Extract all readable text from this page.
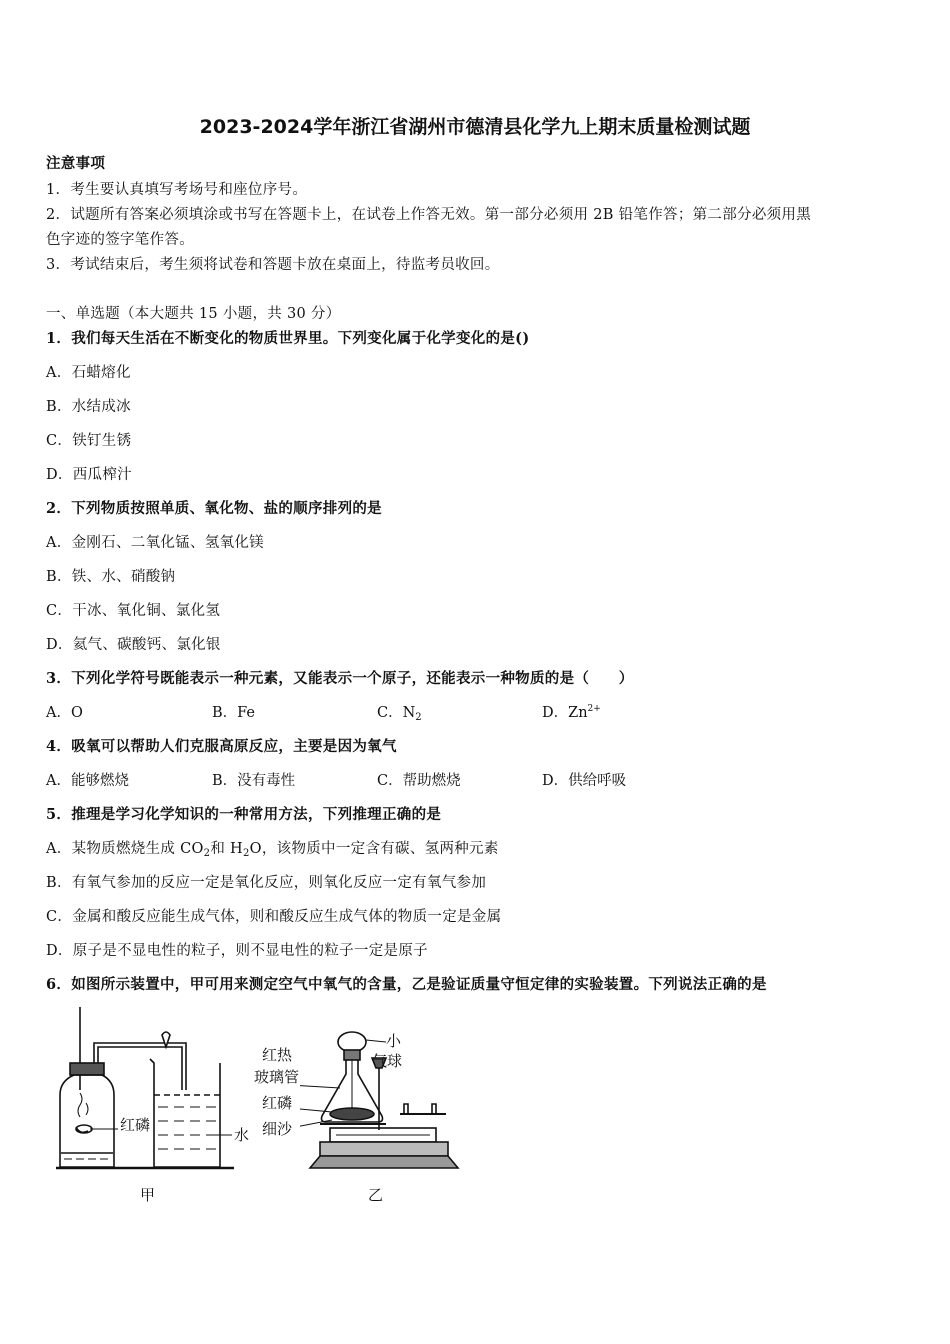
2023-2024学年浙江省湖州市德清县化学九上期末质量检测试题
注意事项
1．考生要认真填写考场号和座位序号。
2．试题所有答案必须填涂或书写在答题卡上，在试卷上作答无效。第一部分必须用 2B 铅笔作答；第二部分必须用黑
色字迹的签字笔作答。
3．考试结束后，考生须将试卷和答题卡放在桌面上，待监考员收回。
一、单选题（本大题共 15 小题，共 30 分）
1．我们每天生活在不断变化的物质世界里。下列变化属于化学变化的是()
A．石蜡熔化
B．水结成冰
C．铁钉生锈
D．西瓜榨汁
2．下列物质按照单质、氧化物、盐的顺序排列的是
A．金刚石、二氧化锰、氢氧化镁
B．铁、水、硝酸钠
C．干冰、氧化铜、氯化氢
D．氦气、碳酸钙、氯化银
3．下列化学符号既能表示一种元素，又能表示一个原子，还能表示一种物质的是（　　）
A．O	B．Fe	C．$N_2$	D．$Zn^{2+}$
4．吸氧可以帮助人们克服高原反应，主要是因为氧气
A．能够燃烧	B．没有毒性	C．帮助燃烧	D．供给呼吸
5．推理是学习化学知识的一种常用方法，下列推理正确的是
A．某物质燃烧生成 $CO_2$和 $H_2O$，该物质中一定含有碳、氢两种元素
B．有氧气参加的反应一定是氧化反应，则氧化反应一定有氧气参加
C．金属和酸反应能生成气体，则和酸反应生成气体的物质一定是金属
D．原子是不显电性的粒子，则不显电性的粒子一定是原子
6．如图所示装置中，甲可用来测定空气中氧气的含量，乙是验证质量守恒定律的实验装置。下列说法正确的是
红磷
水
甲
红热
玻璃管
红磷
细沙
小
气球
乙
